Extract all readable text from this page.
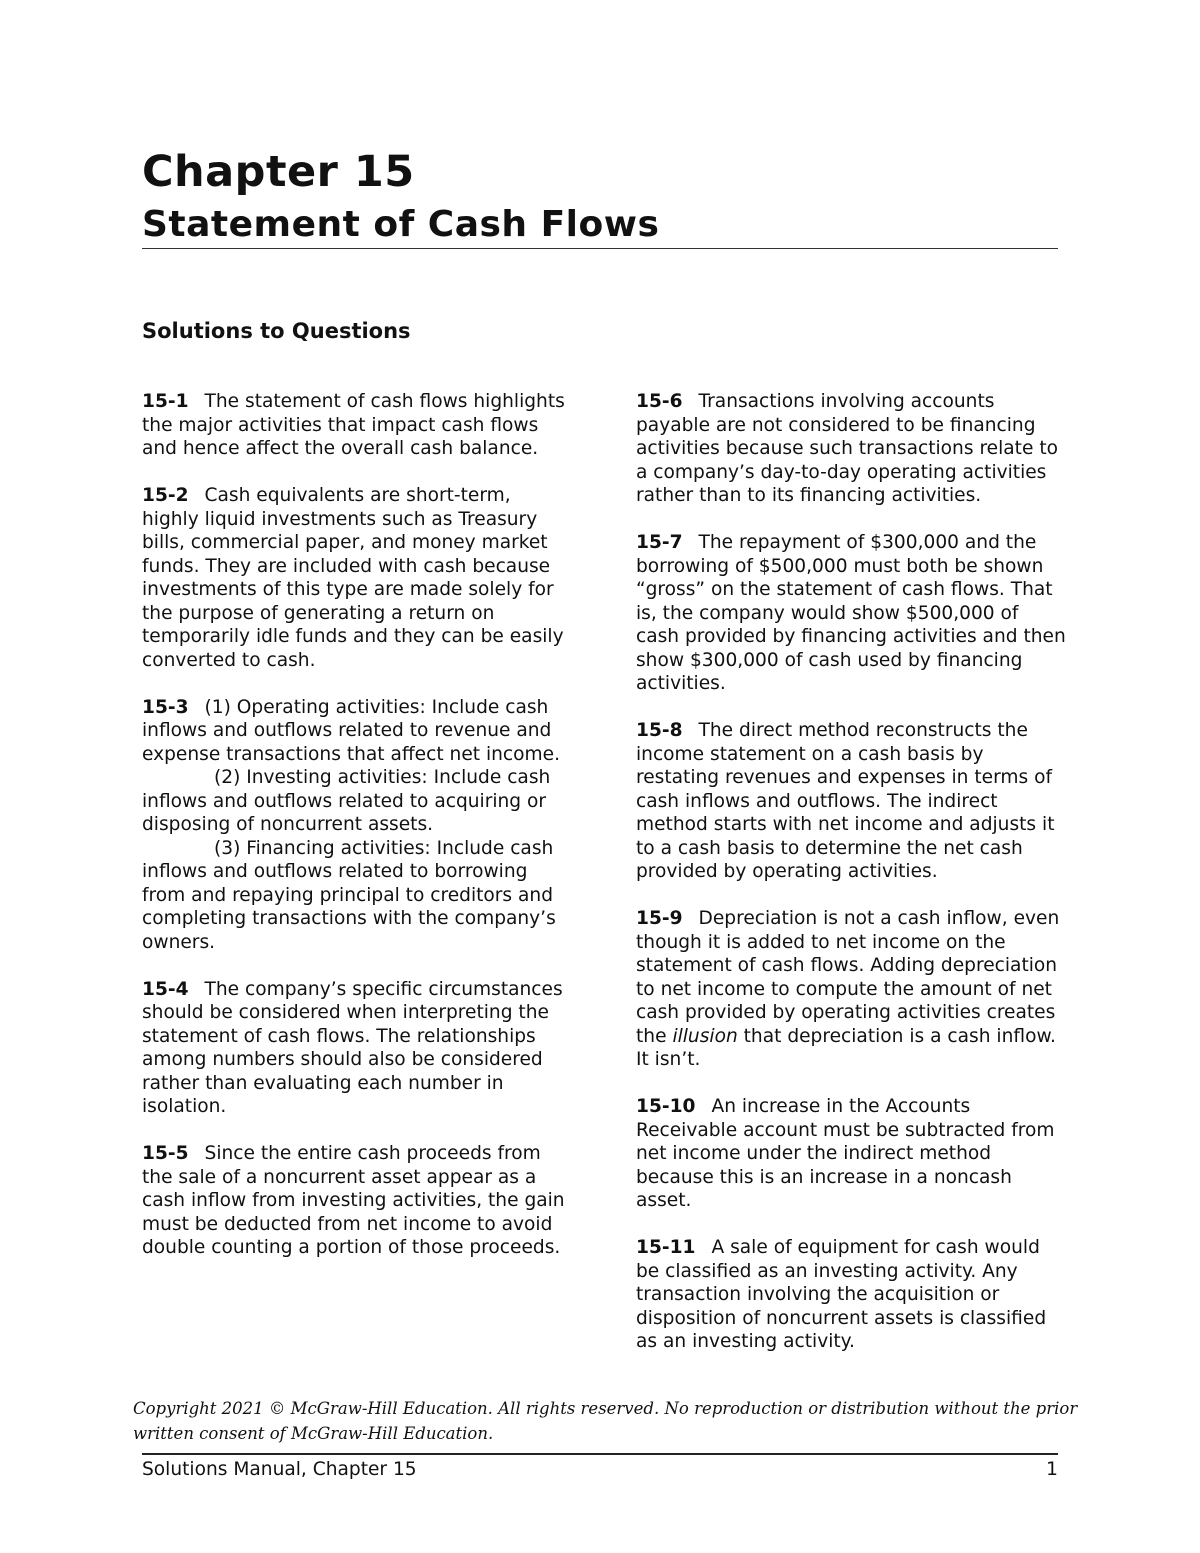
Chapter 15
Statement of Cash Flows
Solutions to Questions

15-1 The statement of cash flows highlights the major activities that impact cash flows and hence affect the overall cash balance.

15-2 Cash equivalents are short-term, highly liquid investments such as Treasury bills, commercial paper, and money market funds. They are included with cash because investments of this type are made solely for the purpose of generating a return on temporarily idle funds and they can be easily converted to cash.

15-3 (1) Operating activities: Include cash inflows and outflows related to revenue and expense transactions that affect net income.

(2) Investing activities: Include cash inflows and outflows related to acquiring or disposing of noncurrent assets.

(3) Financing activities: Include cash inflows and outflows related to borrowing from and repaying principal to creditors and completing transactions with the company’s owners.

15-4 The company’s specific circumstances should be considered when interpreting the statement of cash flows. The relationships among numbers should also be considered rather than evaluating each number in isolation.

15-5 Since the entire cash proceeds from the sale of a noncurrent asset appear as a cash inflow from investing activities, the gain must be deducted from net income to avoid double counting a portion of those proceeds.

15-6 Transactions involving accounts payable are not considered to be financing activities because such transactions relate to a company’s day-to-day operating activities rather than to its financing activities.

15-7 The repayment of $300,000 and the borrowing of $500,000 must both be shown “gross” on the statement of cash flows. That is, the company would show $500,000 of cash provided by financing activities and then show $300,000 of cash used by financing activities.

15-8 The direct method reconstructs the income statement on a cash basis by restating revenues and expenses in terms of cash inflows and outflows. The indirect method starts with net income and adjusts it to a cash basis to determine the net cash provided by operating activities.

15-9 Depreciation is not a cash inflow, even though it is added to net income on the statement of cash flows. Adding depreciation to net income to compute the amount of net cash provided by operating activities creates the illusion that depreciation is a cash inflow. It isn’t.

15-10 An increase in the Accounts Receivable account must be subtracted from net income under the indirect method because this is an increase in a noncash asset.

15-11 A sale of equipment for cash would be classified as an investing activity. Any transaction involving the acquisition or disposition of noncurrent assets is classified as an investing activity.

Copyright 2021 © McGraw-Hill Education. All rights reserved. No reproduction or distribution without the prior written consent of McGraw-Hill Education.
Solutions Manual, Chapter 15	1
